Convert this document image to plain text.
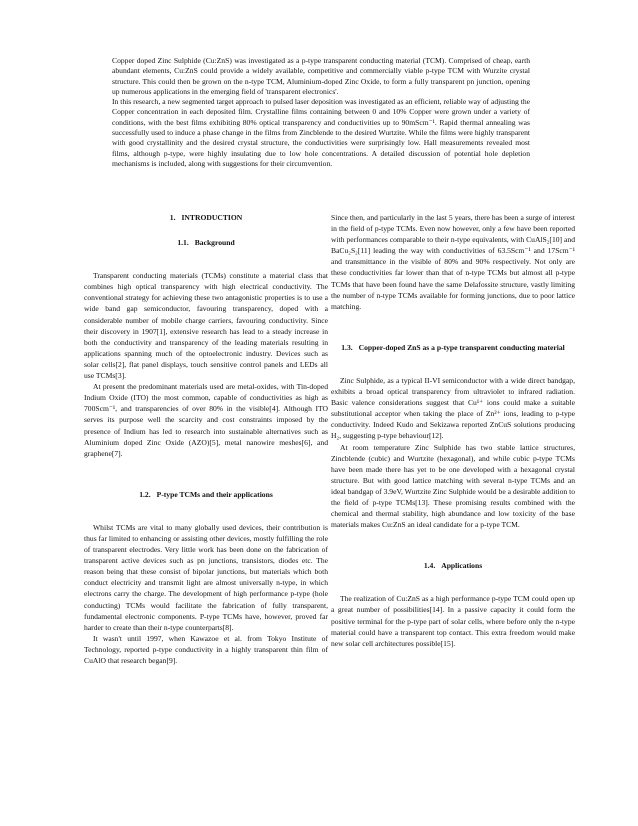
Copper doped Zinc Sulphide (Cu:ZnS) was investigated as a p-type transparent conducting material (TCM). Comprised of cheap, earth abundant elements, Cu:ZnS could provide a widely available, competitive and commercially viable p-type TCM with Wurzite crystal structure. This could then be grown on the n-type TCM, Aluminium-doped Zinc Oxide, to form a fully transparent pn junction, opening up numerous applications in the emerging field of 'transparent electronics'.

In this research, a new segmented target approach to pulsed laser deposition was investigated as an efficient, reliable way of adjusting the Copper concentration in each deposited film. Crystalline films containing between 0 and 10% Copper were grown under a variety of conditions, with the best films exhibiting 80% optical transparency and conductivities up to 90mScm⁻¹. Rapid thermal annealing was successfully used to induce a phase change in the films from Zincblende to the desired Wurtzite. While the films were highly transparent with good crystallinity and the desired crystal structure, the conductivities were surprisingly low. Hall measurements revealed most films, although p-type, were highly insulating due to low hole concentrations. A detailed discussion of potential hole depletion mechanisms is included, along with suggestions for their circumvention.

1. INTRODUCTION
1.1. Background

Transparent conducting materials (TCMs) constitute a material class that combines high optical transparency with high electrical conductivity. The conventional strategy for achieving these two antagonistic properties is to use a wide band gap semiconductor, favouring transparency, doped with a considerable number of mobile charge carriers, favouring conductivity. Since their discovery in 1907[1], extensive research has lead to a steady increase in both the conductivity and transparency of the leading materials resulting in applications spanning much of the optoelectronic industry. Devices such as solar cells[2], flat panel displays, touch sensitive control panels and LEDs all use TCMs[3].

At present the predominant materials used are metal-oxides, with Tin-doped Indium Oxide (ITO) the most common, capable of conductivities as high as 700Scm⁻¹, and transparencies of over 80% in the visible[4]. Although ITO serves its purpose well the scarcity and cost constraints imposed by the presence of Indium has led to research into sustainable alternatives such as Aluminium doped Zinc Oxide (AZO)[5], metal nanowire meshes[6], and graphene[7].

1.2. P-type TCMs and their applications

Whilst TCMs are vital to many globally used devices, their contribution is thus far limited to enhancing or assisting other devices, mostly fulfilling the role of transparent electrodes. Very little work has been done on the fabrication of transparent active devices such as pn junctions, transistors, diodes etc. The reason being that these consist of bipolar junctions, but materials which both conduct electricity and transmit light are almost universally n-type, in which electrons carry the charge. The development of high performance p-type (hole conducting) TCMs would facilitate the fabrication of fully transparent, fundamental electronic components. P-type TCMs have, however, proved far harder to create than their n-type counterparts[8].

It wasn't until 1997, when Kawazoe et al. from Tokyo Institute of Technology, reported p-type conductivity in a highly transparent thin film of CuAlO that research began[9].

Since then, and particularly in the last 5 years, there has been a surge of interest in the field of p-type TCMs. Even now however, only a few have been reported with performances comparable to their n-type equivalents, with CuAlS₂[10] and BaCu₂S₂[11] leading the way with conductivities of 63.5Scm⁻¹ and 17Scm⁻¹ and transmittance in the visible of 80% and 90% respectively. Not only are these conductivities far lower than that of n-type TCMs but almost all p-type TCMs that have been found have the same Delafossite structure, vastly limiting the number of n-type TCMs available for forming junctions, due to poor lattice matching.

1.3. Copper-doped ZnS as a p-type transparent conducting material

Zinc Sulphide, as a typical II-VI semiconductor with a wide direct bandgap, exhibits a broad optical transparency from ultraviolet to infrared radiation. Basic valence considerations suggest that Cu¹⁺ ions could make a suitable substitutional acceptor when taking the place of Zn²⁺ ions, leading to p-type conductivity. Indeed Kudo and Sekizawa reported ZnCuS solutions producing H₂, suggesting p-type behaviour[12].

At room temperature Zinc Sulphide has two stable lattice structures, Zincblende (cubic) and Wurtzite (hexagonal), and while cubic p-type TCMs have been made there has yet to be one developed with a hexagonal crystal structure. But with good lattice matching with several n-type TCMs and an ideal bandgap of 3.9eV, Wurtzite Zinc Sulphide would be a desirable addition to the field of p-type TCMs[13]. These promising results combined with the chemical and thermal stability, high abundance and low toxicity of the base materials makes Cu:ZnS an ideal candidate for a p-type TCM.

1.4. Applications

The realization of Cu:ZnS as a high performance p-type TCM could open up a great number of possibilities[14]. In a passive capacity it could form the positive terminal for the p-type part of solar cells, where before only the n-type material could have a transparent top contact. This extra freedom would make new solar cell architectures possible[15].
